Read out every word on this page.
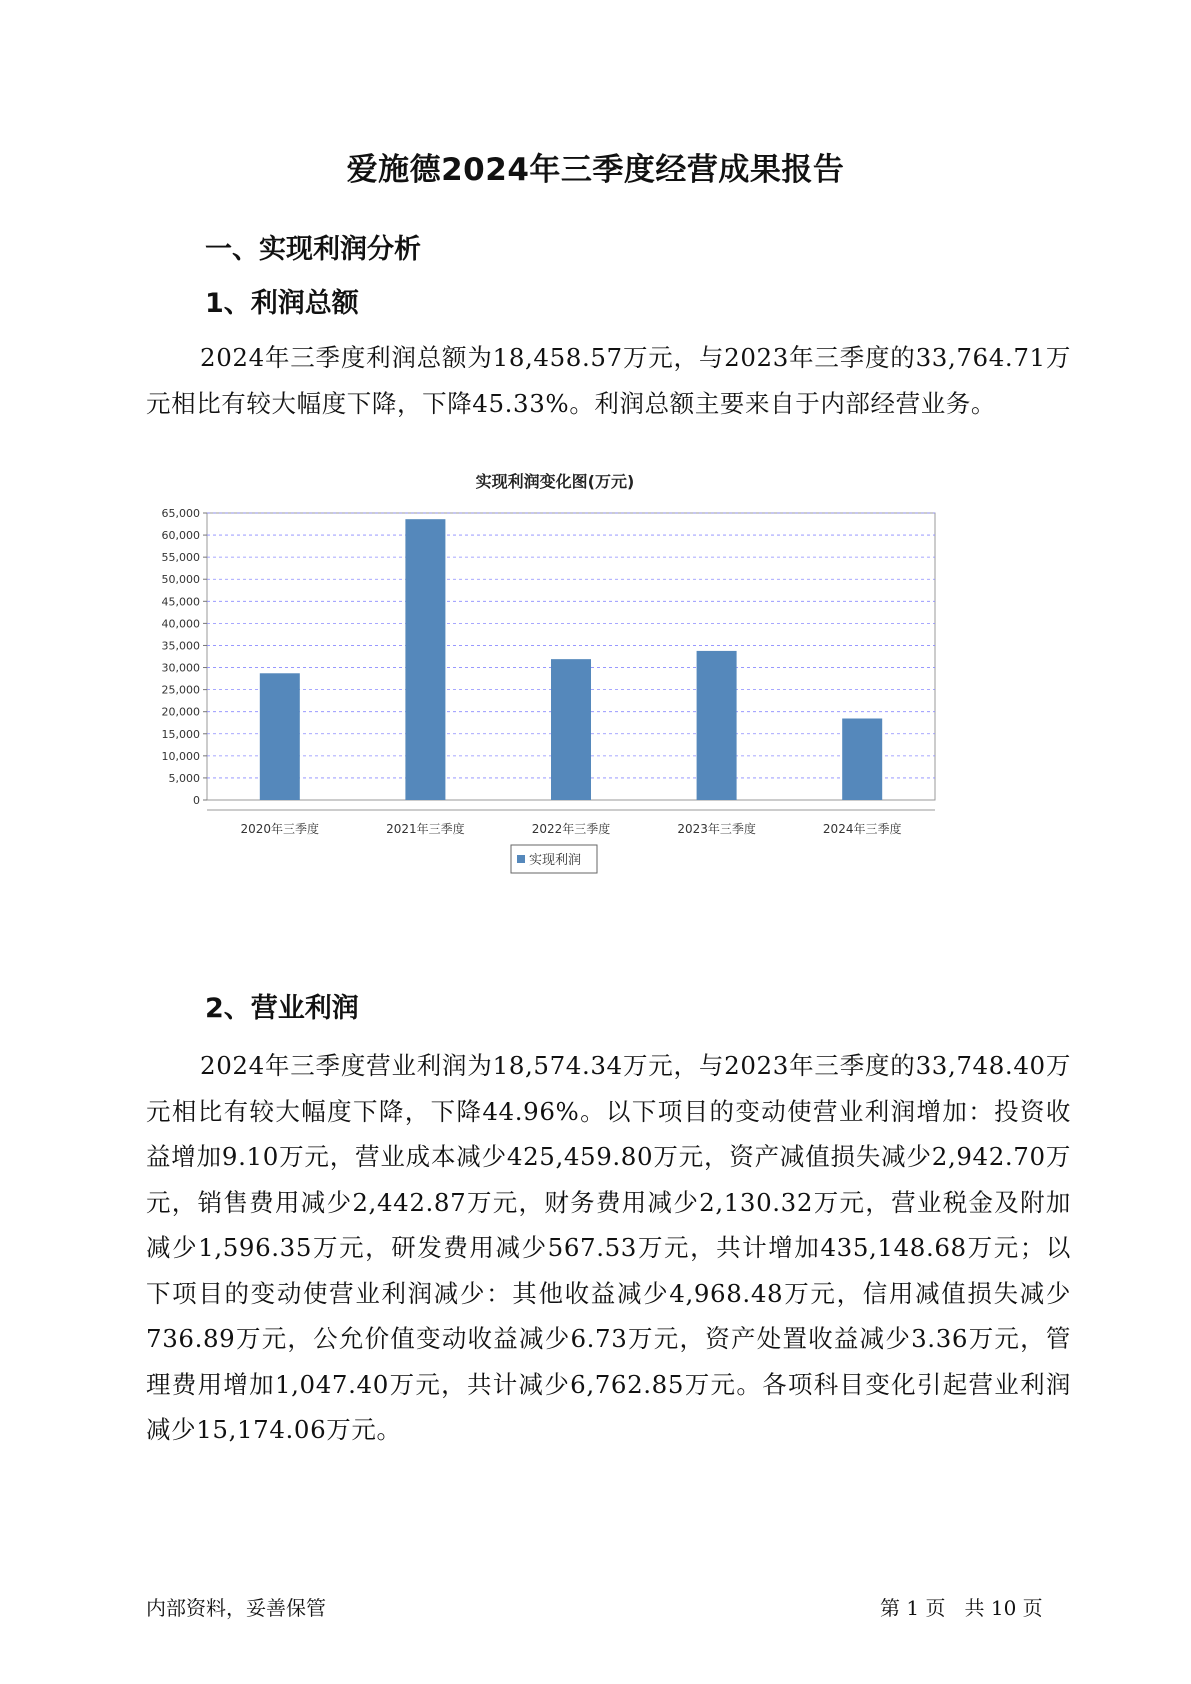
爱施德2024年三季度经营成果报告
一、实现利润分析
1、利润总额

2024年三季度利润总额为18,458.57万元，与2023年三季度的33,764.71万元相比有较大幅度下降，下降45.33%。利润总额主要来自于内部经营业务。

实现利润变化图(万元)
0
5,000
10,000
15,000
20,000
25,000
30,000
35,000
40,000
45,000
50,000
55,000
60,000
65,000
2020年三季度	2021年三季度	2022年三季度	2023年三季度	2024年三季度
实现利润
2、营业利润

2024年三季度营业利润为18,574.34万元，与2023年三季度的33,748.40万元相比有较大幅度下降，下降44.96%。以下项目的变动使营业利润增加：投资收益增加9.10万元，营业成本减少425,459.80万元，资产减值损失减少2,942.70万元，销售费用减少2,442.87万元，财务费用减少2,130.32万元，营业税金及附加减少1,596.35万元，研发费用减少567.53万元，共计增加435,148.68万元；以下项目的变动使营业利润减少：其他收益减少4,968.48万元，信用减值损失减少736.89万元，公允价值变动收益减少6.73万元，资产处置收益减少3.36万元，管理费用增加1,047.40万元，共计减少6,762.85万元。各项科目变化引起营业利润减少15,174.06万元。

内部资料，妥善保管	第 1 页   共 10 页
